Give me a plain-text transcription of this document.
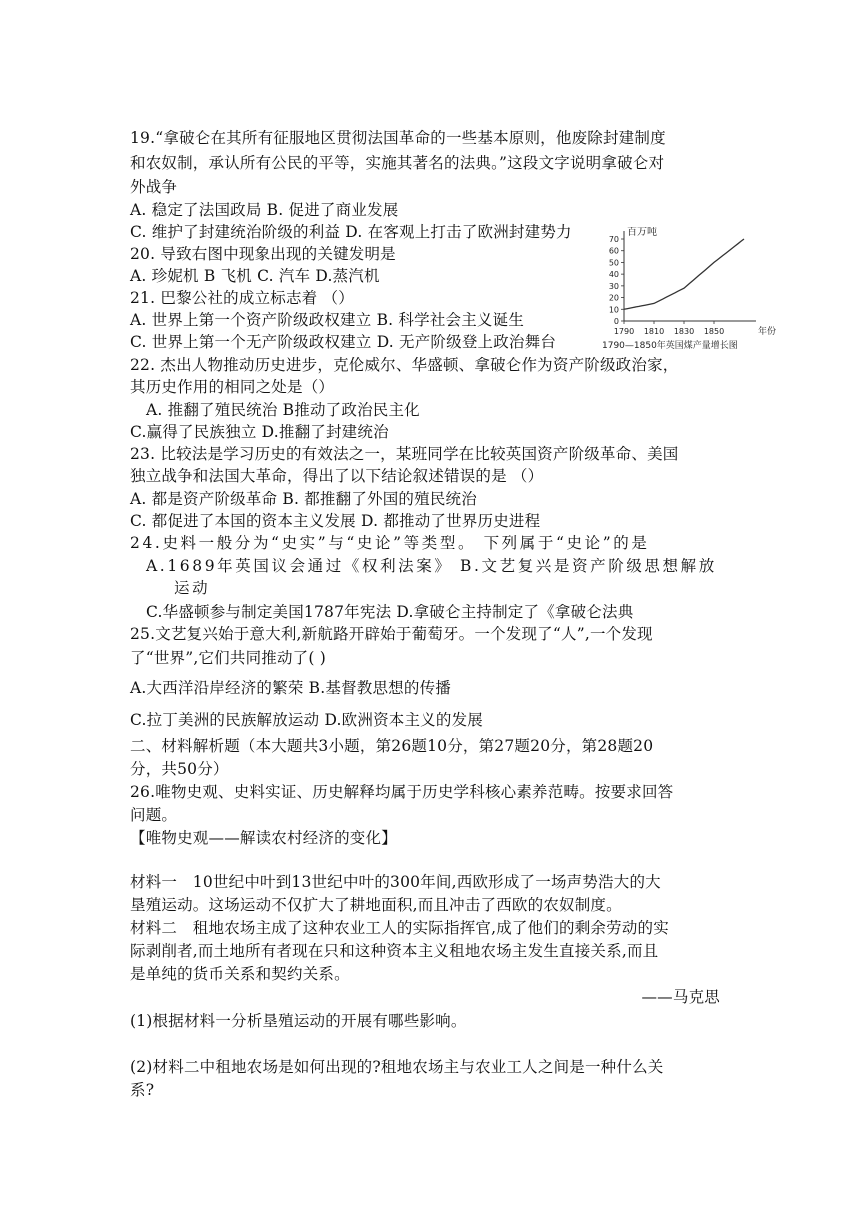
19.“拿破仑在其所有征服地区贯彻法国革命的一些基本原则，他废除封建制度
和农奴制，承认所有公民的平等，实施其著名的法典。”这段文字说明拿破仑对
外战争
A. 稳定了法国政局 B. 促进了商业发展
C. 维护了封建统治阶级的利益 D. 在客观上打击了欧洲封建势力
20. 导致右图中现象出现的关键发明是
A. 珍妮机 B 飞机 C. 汽车 D.蒸汽机
21. 巴黎公社的成立标志着 （）
A. 世界上第一个资产阶级政权建立 B. 科学社会主义诞生
C. 世界上第一个无产阶级政权建立 D. 无产阶级登上政治舞台
22. 杰出人物推动历史进步，克伦威尔、华盛顿、拿破仑作为资产阶级政治家，
其历史作用的相同之处是（）
A. 推翻了殖民统治 B推动了政治民主化
C.赢得了民族独立 D.推翻了封建统治
23. 比较法是学习历史的有效法之一，某班同学在比较英国资产阶级革命、美国
独立战争和法国大革命，得出了以下结论叙述错误的是 （）
A. 都是资产阶级革命 B. 都推翻了外国的殖民统治
C. 都促进了本国的资本主义发展 D. 都推动了世界历史进程
24.史料一般分为“史实”与“史论”等类型。 下列属于“史论”的是
A.1689年英国议会通过《权利法案》 B.文艺复兴是资产阶级思想解放
运动
C.华盛顿参与制定美国1787年宪法 D.拿破仑主持制定了《拿破仑法典
25.文艺复兴始于意大利,新航路开辟始于葡萄牙。一个发现了“人”,一个发现
了“世界”,它们共同推动了( )
A.大西洋沿岸经济的繁荣 B.基督教思想的传播
C.拉丁美洲的民族解放运动 D.欧洲资本主义的发展
二、材料解析题（本大题共3小题，第26题10分，第27题20分，第28题20
分，共50分）
26.唯物史观、史料实证、历史解释均属于历史学科核心素养范畴。按要求回答
问题。
【唯物史观——解读农村经济的变化】
材料一　10世纪中叶到13世纪中叶的300年间,西欧形成了一场声势浩大的大
垦殖运动。这场运动不仅扩大了耕地面积,而且冲击了西欧的农奴制度。
材料二　租地农场主成了这种农业工人的实际指挥官,成了他们的剩余劳动的实
际剥削者,而土地所有者现在只和这种资本主义租地农场主发生直接关系,而且
是单纯的货币关系和契约关系。
——马克思
(1)根据材料一分析垦殖运动的开展有哪些影响。
(2)材料二中租地农场是如何出现的?租地农场主与农业工人之间是一种什么关
系?
0
10
20
30
40
50
60
70
1790 1810 1830 1850
百万吨
年份
1790—1850年英国煤产量增长图
